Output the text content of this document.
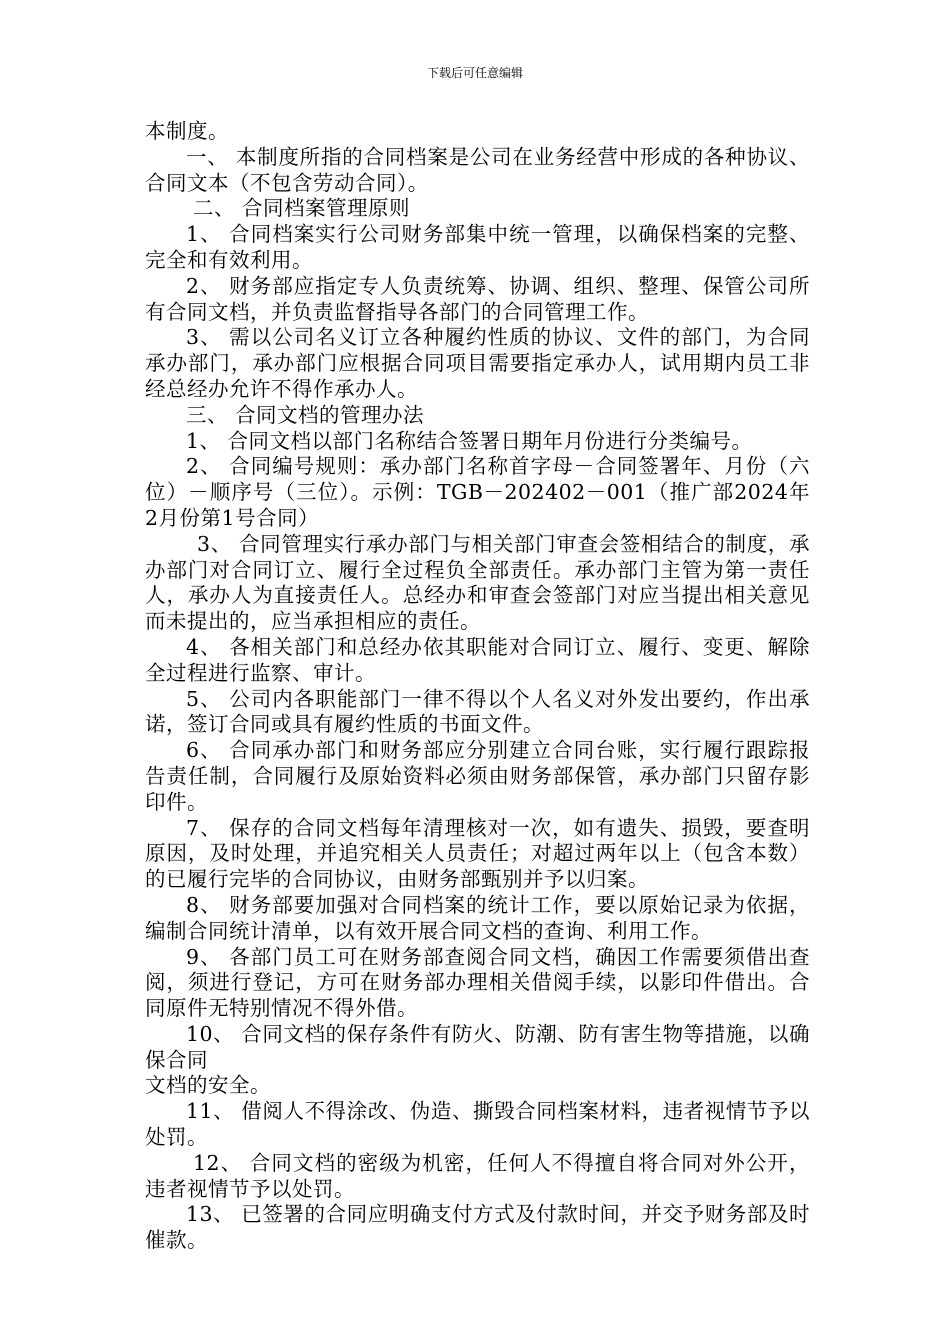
下载后可任意编辑

本制度。

一、 本制度所指的合同档案是公司在业务经营中形成的各种协议、合同文本（不包含劳动合同）。

二、 合同档案管理原则

1、 合同档案实行公司财务部集中统一管理，以确保档案的完整、完全和有效利用。

2、 财务部应指定专人负责统筹、协调、组织、整理、保管公司所有合同文档，并负责监督指导各部门的合同管理工作。

3、 需以公司名义订立各种履约性质的协议、文件的部门，为合同承办部门，承办部门应根据合同项目需要指定承办人，试用期内员工非经总经办允许不得作承办人。

三、 合同文档的管理办法

1、 合同文档以部门名称结合签署日期年月份进行分类编号。

2、 合同编号规则：承办部门名称首字母－合同签署年、月份（六位）－顺序号（三位）。示例：TGB－202402－001（推广部2024年2月份第1号合同）

3、 合同管理实行承办部门与相关部门审查会签相结合的制度，承办部门对合同订立、履行全过程负全部责任。承办部门主管为第一责任人，承办人为直接责任人。总经办和审查会签部门对应当提出相关意见而未提出的，应当承担相应的责任。

4、 各相关部门和总经办依其职能对合同订立、履行、变更、解除全过程进行监察、审计。

5、 公司内各职能部门一律不得以个人名义对外发出要约，作出承诺，签订合同或具有履约性质的书面文件。

6、 合同承办部门和财务部应分别建立合同台账，实行履行跟踪报告责任制，合同履行及原始资料必须由财务部保管，承办部门只留存影印件。

7、 保存的合同文档每年清理核对一次，如有遗失、损毁，要查明原因，及时处理，并追究相关人员责任；对超过两年以上（包含本数）的已履行完毕的合同协议，由财务部甄别并予以归案。

8、 财务部要加强对合同档案的统计工作，要以原始记录为依据，编制合同统计清单，以有效开展合同文档的查询、利用工作。

9、 各部门员工可在财务部查阅合同文档，确因工作需要须借出查阅，须进行登记，方可在财务部办理相关借阅手续，以影印件借出。合同原件无特别情况不得外借。

10、 合同文档的保存条件有防火、防潮、防有害生物等措施，以确保合同

文档的安全。

11、 借阅人不得涂改、伪造、撕毁合同档案材料，违者视情节予以处罚。

12、 合同文档的密级为机密，任何人不得擅自将合同对外公开，违者视情节予以处罚。

13、 已签署的合同应明确支付方式及付款时间，并交予财务部及时催款。
